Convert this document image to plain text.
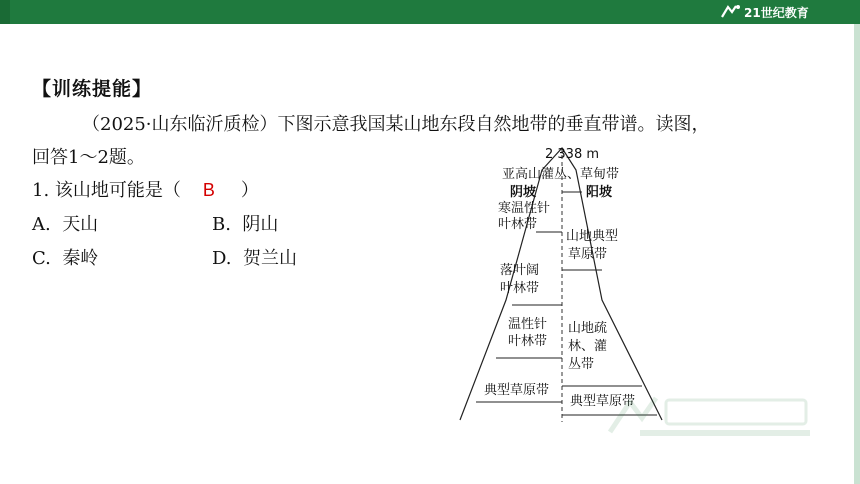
21世纪教育
【训练提能】
（2025·山东临沂质检）下图示意我国某山地东段自然地带的垂直带谱。读图，
回答1～2题。
1. 该山地可能是（ B ）
A. 天山	B. 阴山
C. 秦岭	D. 贺兰山
2 338 m
亚高山灌丛、草甸带
阴坡	阳坡
寒温性针
叶林带
落叶阔
叶林带
温性针
叶林带
典型草原带
山地典型
草原带
山地疏
林、灌
丛带
典型草原带
